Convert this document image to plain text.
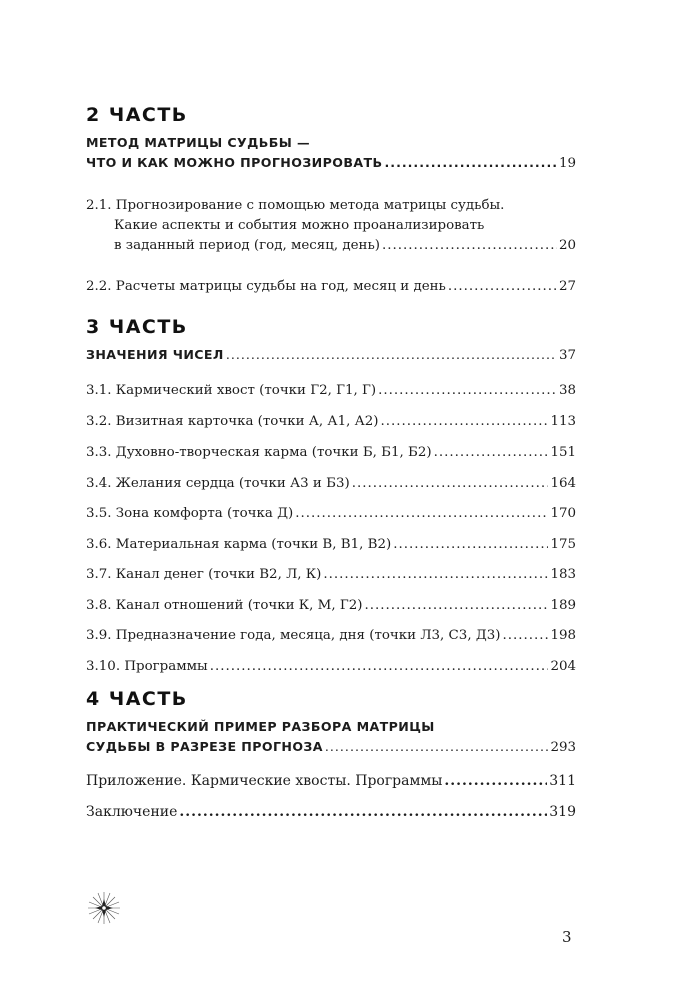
2 ЧАСТЬ
МЕТОД МАТРИЦЫ СУДЬБЫ —
ЧТО И КАК МОЖНО ПРОГНОЗИРОВАТЬ .....	19
2.1. Прогнозирование с помощью метода матрицы судьбы.
Какие аспекты и события можно проанализировать
в заданный период (год, месяц, день) .....	20
2.2. Расчеты матрицы судьбы на год, месяц и день .....	27
3 ЧАСТЬ
ЗНАЧЕНИЯ ЧИСЕЛ .....	37
3.1. Кармический хвост (точки Г2, Г1, Г) .....	38
3.2. Визитная карточка (точки А, А1, А2) .....	113
3.3. Духовно-творческая карма (точки Б, Б1, Б2) .....	151
3.4. Желания сердца (точки А3 и Б3) .....	164
3.5. Зона комфорта (точка Д) .....	170
3.6. Материальная карма (точки В, В1, В2) .....	175
3.7. Канал денег (точки В2, Л, К) .....	183
3.8. Канал отношений (точки К, М, Г2) .....	189
3.9. Предназначение года, месяца, дня (точки Л3, С3, Д3) .....	198
3.10. Программы .....	204
4 ЧАСТЬ
ПРАКТИЧЕСКИЙ ПРИМЕР РАЗБОРА МАТРИЦЫ
СУДЬБЫ В РАЗРЕЗЕ ПРОГНОЗА .....	293
Приложение. Кармические хвосты. Программы .....	311
Заключение .....	319
3
